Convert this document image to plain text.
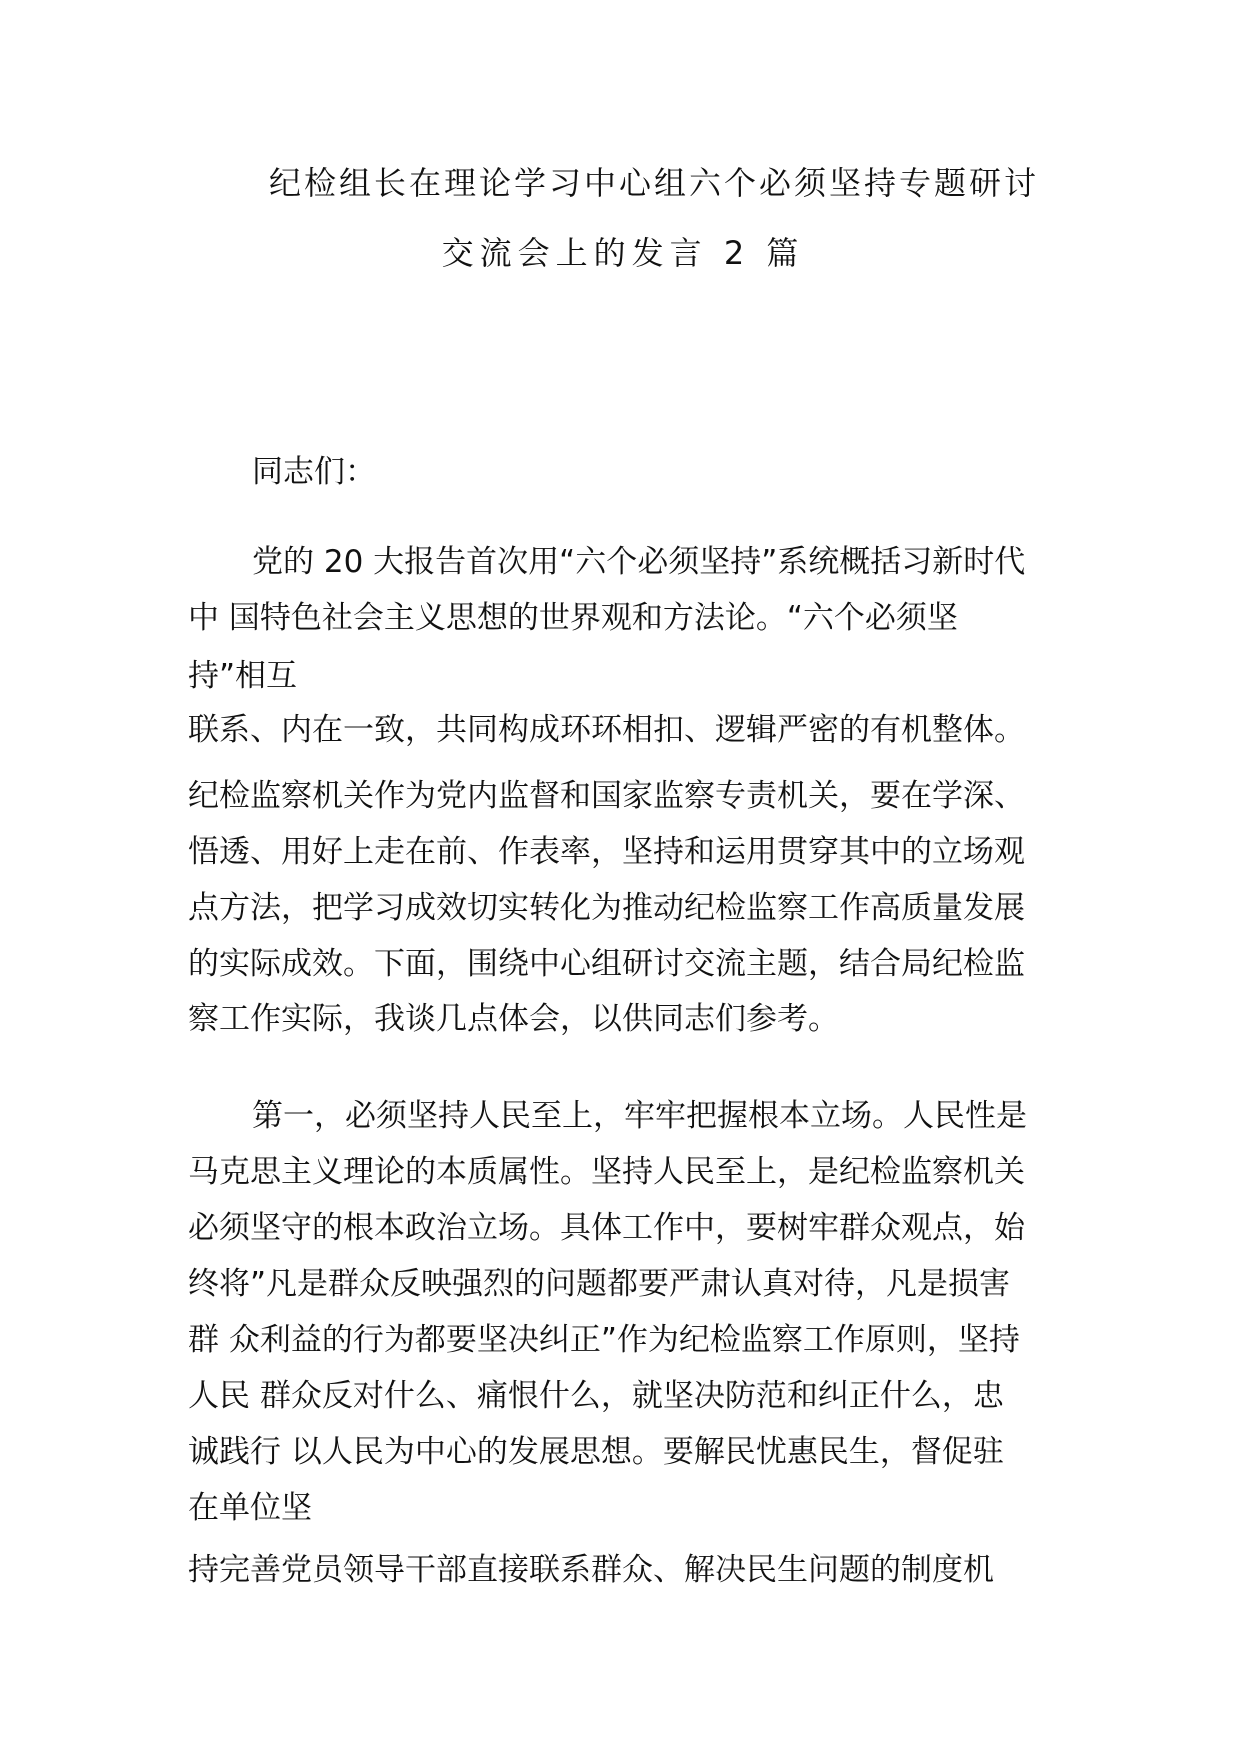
纪检组长在理论学习中心组六个必须坚持专题研讨
交流会上的发言 2 篇
同志们：
党的 20 大报告首次用“六个必须坚持”系统概括习新时代
中 国特色社会主义思想的世界观和方法论。“六个必须坚
持”相互
联系、内在一致，共同构成环环相扣、逻辑严密的有机整体。
纪检监察机关作为党内监督和国家监察专责机关，要在学深、
悟透、用好上走在前、作表率，坚持和运用贯穿其中的立场观
点方法，把学习成效切实转化为推动纪检监察工作高质量发展
的实际成效。下面，围绕中心组研讨交流主题，结合局纪检监
察工作实际，我谈几点体会，以供同志们参考。
第一，必须坚持人民至上，牢牢把握根本立场。人民性是
马克思主义理论的本质属性。坚持人民至上，是纪检监察机关
必须坚守的根本政治立场。具体工作中，要树牢群众观点，始
终将”凡是群众反映强烈的问题都要严肃认真对待，凡是损害
群 众利益的行为都要坚决纠正”作为纪检监察工作原则，坚持
人民 群众反对什么、痛恨什么，就坚决防范和纠正什么，忠
诚践行 以人民为中心的发展思想。要解民忧惠民生，督促驻
在单位坚
持完善党员领导干部直接联系群众、解决民生问题的制度机
